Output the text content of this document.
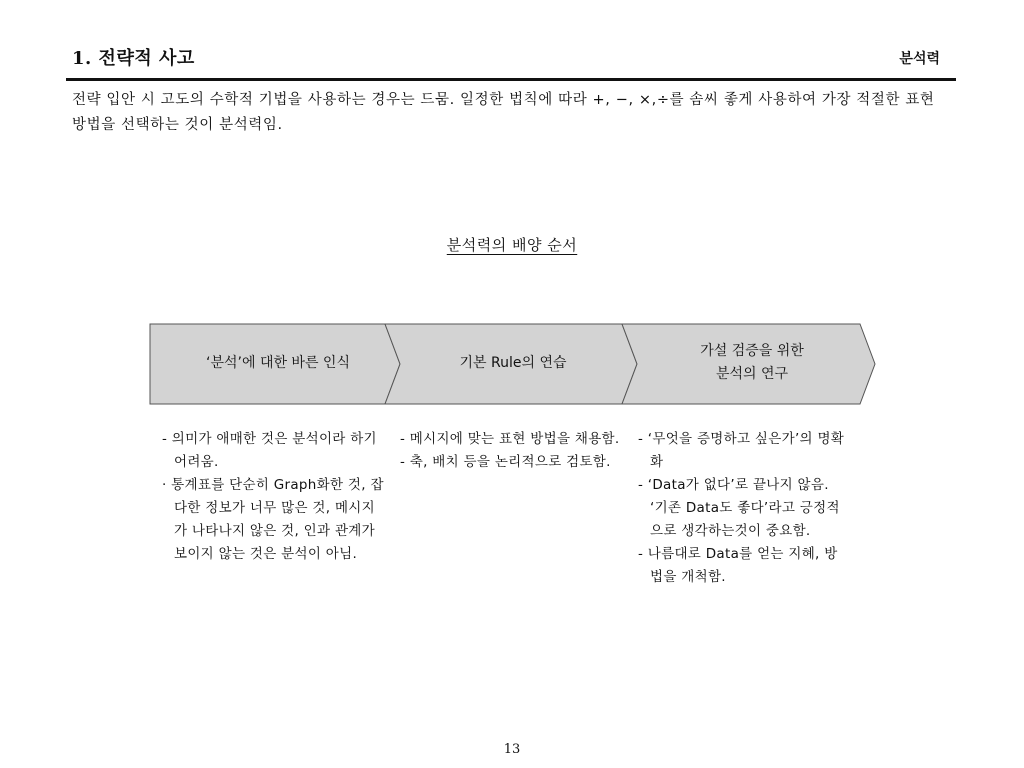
1. 전략적 사고	분석력
전략 입안 시 고도의 수학적 기법을 사용하는 경우는 드뭄. 일정한 법칙에 따라 +, −, ×,÷를 솜씨 좋게 사용하여 가장 적절한 표현 방법을 선택하는 것이 분석력임.
분석력의 배양 순서
‘분석’에 대한 바른 인식	기본 Rule의 연습
가설 검증을 위한
분석의 연구
- 의미가 애매한 것은 분석이라 하기 어려움.
· 통계표를 단순히 Graph화한 것, 잡다한 정보가 너무 많은 것, 메시지가 나타나지 않은 것, 인과 관계가 보이지 않는 것은 분석이 아님.
- 메시지에 맞는 표현 방법을 채용함.
- 축, 배치 등을 논리적으로 검토함.
- ‘무엇을 증명하고 싶은가’의 명확화
- ‘Data가 없다’로 끝나지 않음. ‘기존 Data도 좋다’라고 긍정적으로 생각하는것이 중요함.
- 나름대로 Data를 얻는 지혜, 방법을 개척함.
13
